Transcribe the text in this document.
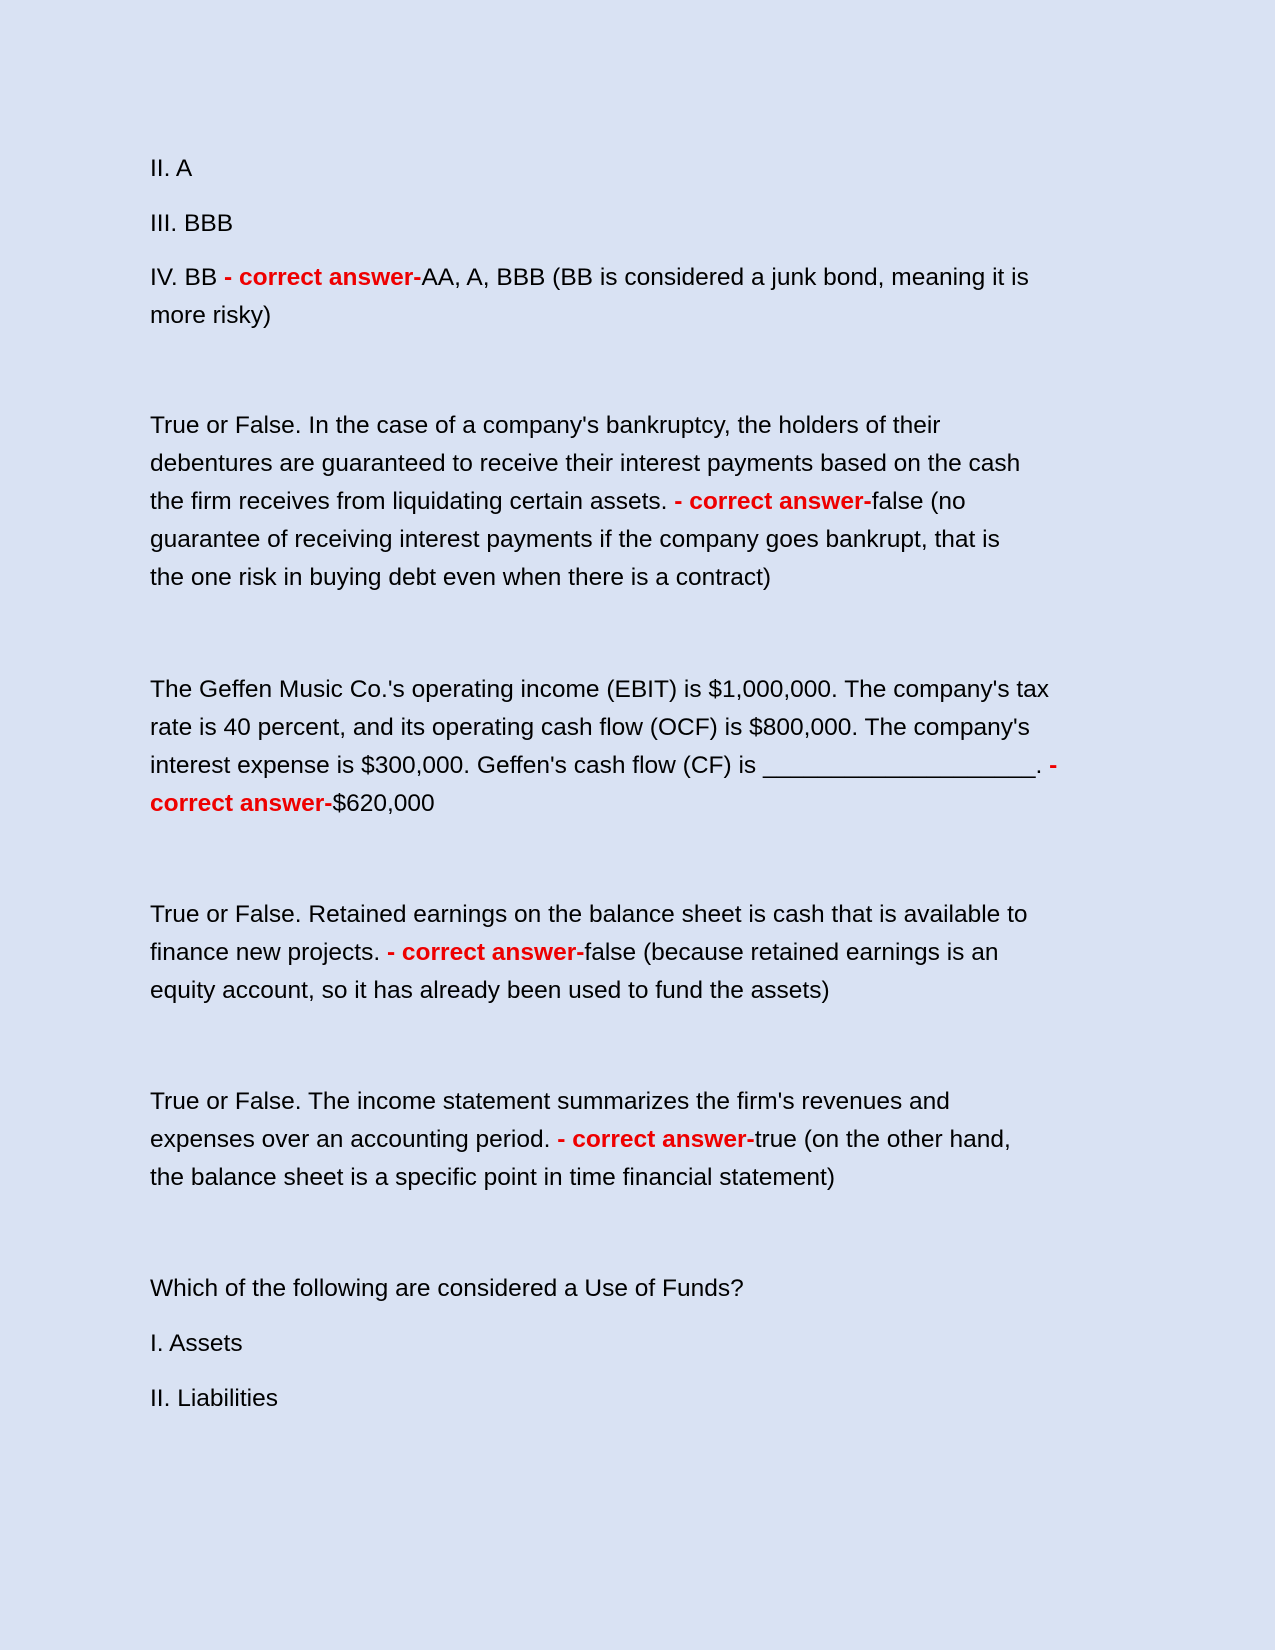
II. A
III. BBB
IV. BB - correct answer-AA, A, BBB (BB is considered a junk bond, meaning it is
more risky)
True or False. In the case of a company's bankruptcy, the holders of their
debentures are guaranteed to receive their interest payments based on the cash
the firm receives from liquidating certain assets. - correct answer-false (no
guarantee of receiving interest payments if the company goes bankrupt, that is
the one risk in buying debt even when there is a contract)
The Geffen Music Co.'s operating income (EBIT) is $1,000,000. The company's tax
rate is 40 percent, and its operating cash flow (OCF) is $800,000. The company's
interest expense is $300,000. Geffen's cash flow (CF) is ____________________. -
correct answer-$620,000
True or False. Retained earnings on the balance sheet is cash that is available to
finance new projects. - correct answer-false (because retained earnings is an
equity account, so it has already been used to fund the assets)
True or False. The income statement summarizes the firm's revenues and
expenses over an accounting period. - correct answer-true (on the other hand,
the balance sheet is a specific point in time financial statement)
Which of the following are considered a Use of Funds?
I. Assets
II. Liabilities
